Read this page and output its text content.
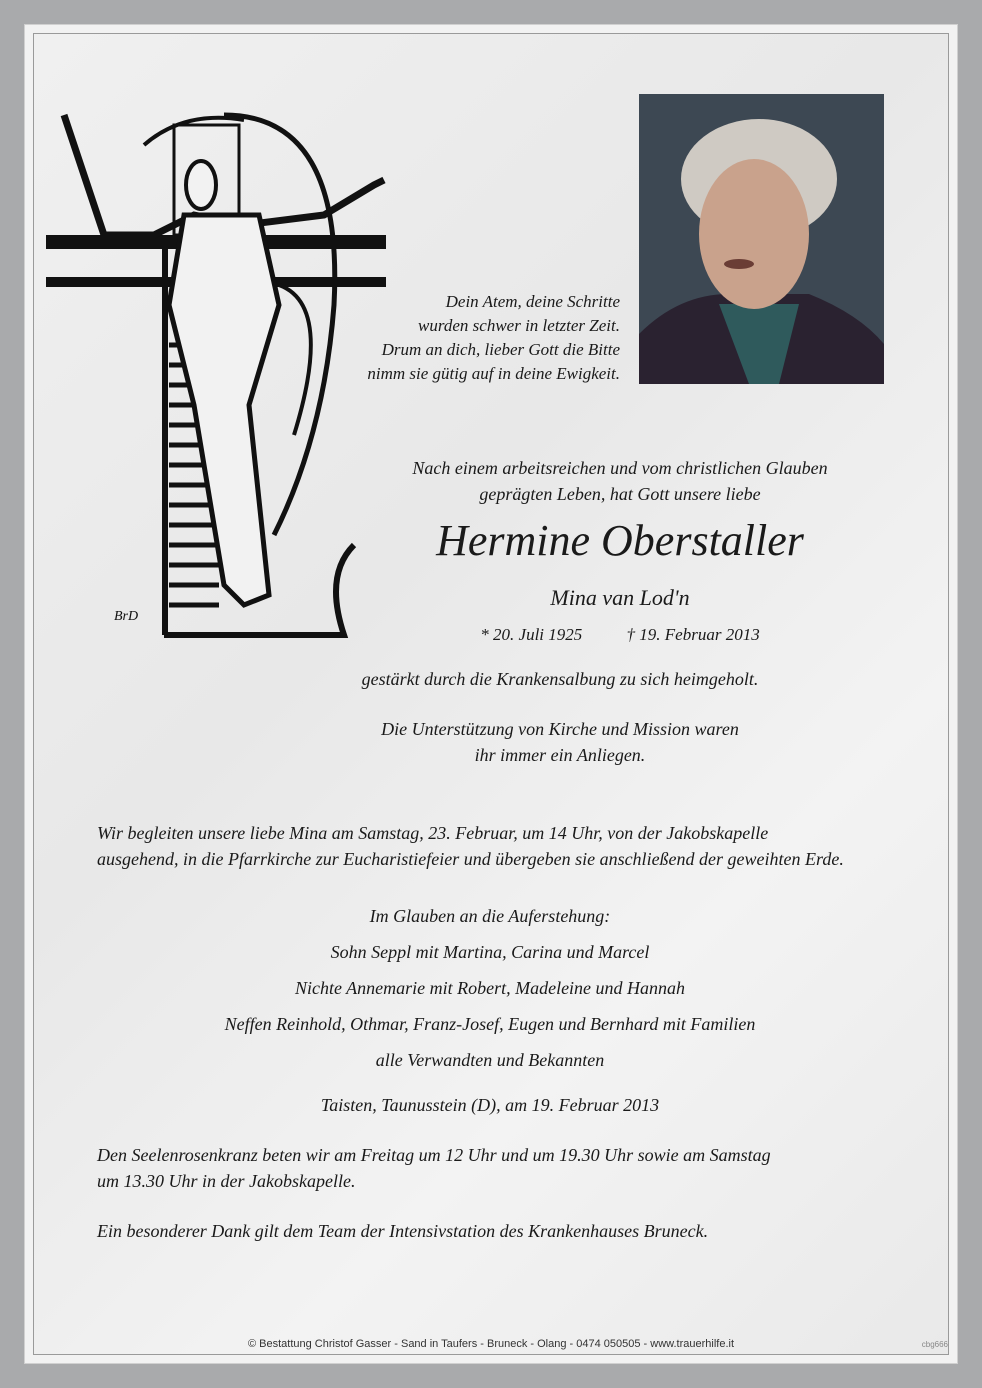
BrD
Dein Atem, deine Schritte
wurden schwer in letzter Zeit.
Drum an dich, lieber Gott die Bitte
nimm sie gütig auf in deine Ewigkeit.
Nach einem arbeitsreichen und vom christlichen Glauben
geprägten Leben, hat Gott unsere liebe
Hermine Oberstaller
Mina van Lod'n
* 20. Juli 1925	† 19. Februar 2013
gestärkt durch die Krankensalbung zu sich heimgeholt.
Die Unterstützung von Kirche und Mission waren
ihr immer ein Anliegen.
Wir begleiten unsere liebe Mina am Samstag, 23. Februar, um 14 Uhr, von der Jakobskapelle
ausgehend, in die Pfarrkirche zur Eucharistiefeier und übergeben sie anschließend der geweihten Erde.
Im Glauben an die Auferstehung:
Sohn Seppl mit Martina, Carina und Marcel
Nichte Annemarie mit Robert, Madeleine und Hannah
Neffen Reinhold, Othmar, Franz-Josef, Eugen und Bernhard mit Familien
alle Verwandten und Bekannten
Taisten, Taunusstein (D), am 19. Februar 2013
Den Seelenrosenkranz beten wir am Freitag um 12 Uhr und um 19.30 Uhr sowie am Samstag
um 13.30 Uhr in der Jakobskapelle.
Ein besonderer Dank gilt dem Team der Intensivstation des Krankenhauses Bruneck.
© Bestattung Christof Gasser - Sand in Taufers - Bruneck - Olang - 0474 050505 - www.trauerhilfe.it	cbg666
